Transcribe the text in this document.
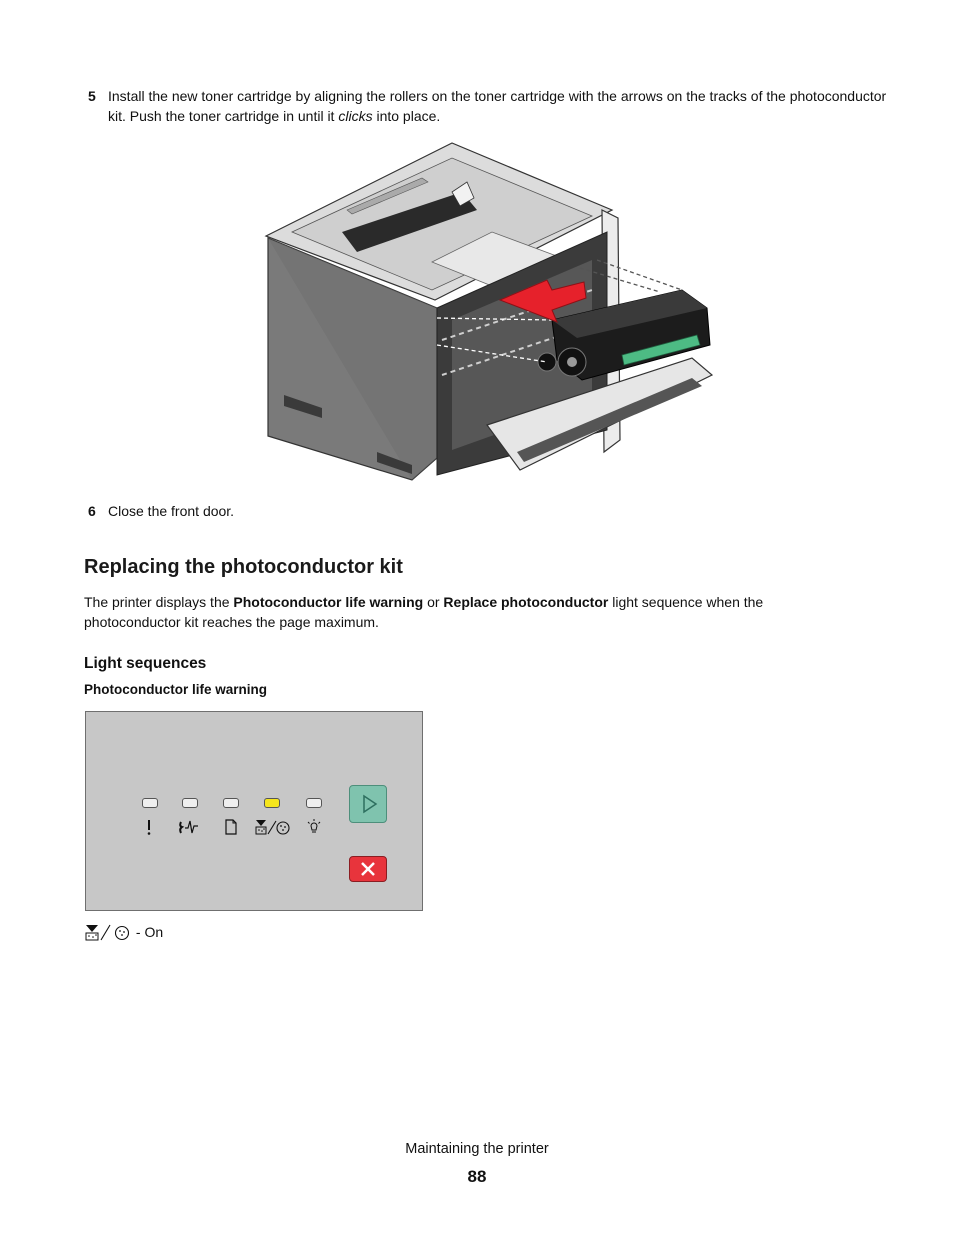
5 Install the new toner cartridge by aligning the rollers on the toner cartridge with the arrows on the tracks of the photoconductor kit. Push the toner cartridge in until it clicks into place.
6 Close the front door.
Replacing the photoconductor kit
The printer displays the Photoconductor life warning or Replace photoconductor light sequence when the photoconductor kit reaches the page maximum.
Light sequences
Photoconductor life warning
- On
Maintaining the printer
88
